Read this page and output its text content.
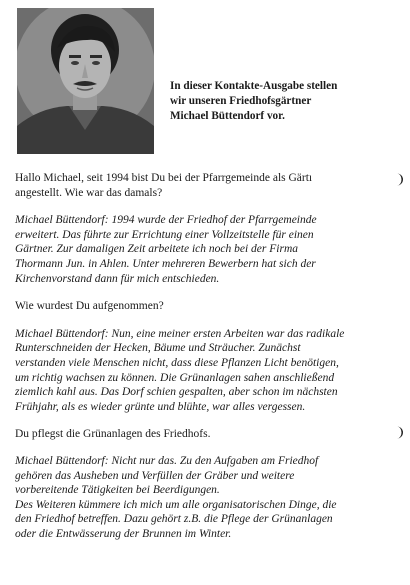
In dieser Kontakte-Ausgabe stellen
wir unseren Friedhofsgärtner
Michael Büttendorf vor.
Hallo Michael, seit 1994 bist Du bei der Pfarrgemeinde als Gärtı
angestellt. Wie war das damals?
Michael Büttendorf: 1994 wurde der Friedhof der Pfarrgemeinde
erweitert. Das führte zur Errichtung einer Vollzeitstelle für einen
Gärtner. Zur damaligen Zeit arbeitete ich noch bei der Firma
Thormann Jun. in Ahlen. Unter mehreren Bewerbern hat sich der
Kirchenvorstand dann für mich entschieden.
Wie wurdest Du aufgenommen?
Michael Büttendorf: Nun, eine meiner ersten Arbeiten war das radikale
Runterschneiden der Hecken, Bäume und Sträucher. Zunächst
verstanden viele Menschen nicht, dass diese Pflanzen Licht benötigen,
um richtig wachsen zu können. Die Grünanlagen sahen anschließend
ziemlich kahl aus. Das Dorf schien gespalten, aber schon im nächsten
Frühjahr, als es wieder grünte und blühte, war alles vergessen.
Du pflegst die Grünanlagen des Friedhofs.
Michael Büttendorf: Nicht nur das. Zu den Aufgaben am Friedhof
gehören das Ausheben und Verfüllen der Gräber und weitere
vorbereitende Tätigkeiten bei Beerdigungen.
Des Weiteren kümmere ich mich um alle organisatorischen Dinge, die
den Friedhof betreffen. Dazu gehört z.B. die Pflege der Grünanlagen
oder die Entwässerung der Brunnen im Winter.
